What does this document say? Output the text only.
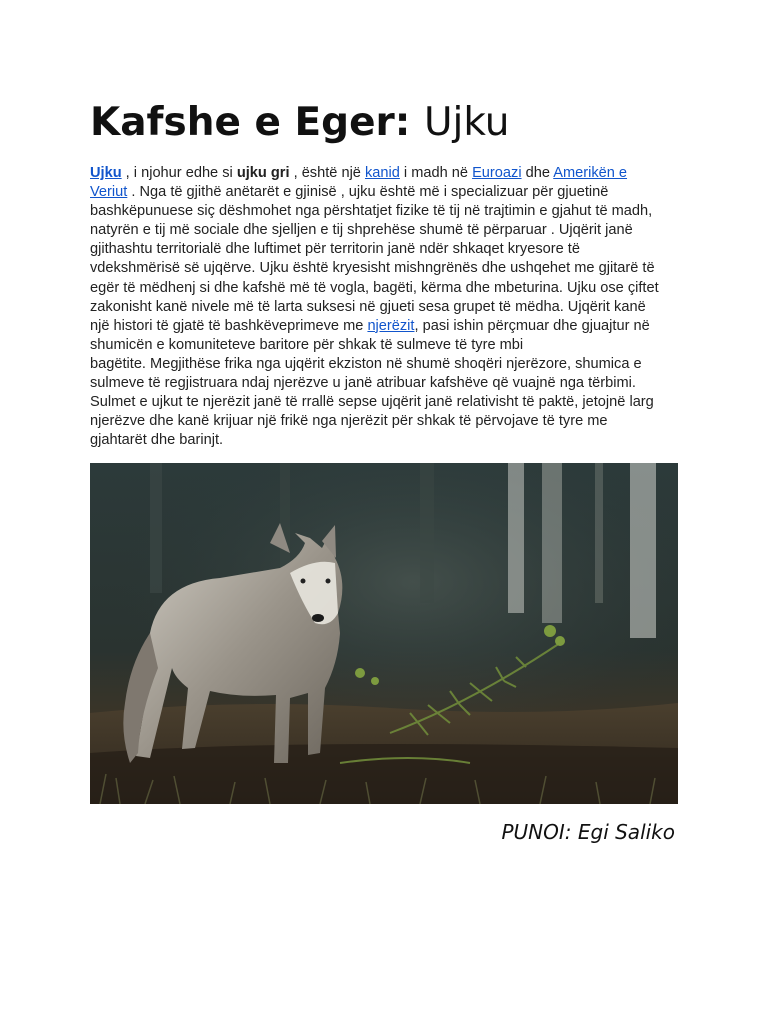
Kafshe e Eger: Ujku
Ujku , i njohur edhe si ujku gri , është një kanid i madh në Euroazi dhe Amerikën e
Veriut . Nga të gjithë anëtarët e gjinisë , ujku është më i specializuar për gjuetinë
bashkëpunuese siç dëshmohet nga përshtatjet fizike të tij në trajtimin e gjahut të madh,
natyrën e tij më sociale dhe sjelljen e tij shprehëse shumë të përparuar . Ujqërit janë
gjithashtu territorialë dhe luftimet për territorin janë ndër shkaqet kryesore të
vdekshmërisë së ujqërve. Ujku është kryesisht mishngrënës dhe ushqehet me gjitarë të
egër të mëdhenj si dhe kafshë më të vogla, bagëti, kërma dhe mbeturina. Ujku ose çiftet
zakonisht kanë nivele më të larta suksesi në gjueti sesa grupet të mëdha. Ujqërit kanë
një histori të gjatë të bashkëveprimeve me njerëzit, pasi ishin përçmuar dhe gjuajtur në
shumicën e komuniteteve baritore për shkak të sulmeve të tyre mbi
bagëtite. Megjithëse frika nga ujqërit ekziston në shumë shoqëri njerëzore, shumica e
sulmeve të regjistruara ndaj njerëzve u janë atribuar kafshëve që vuajnë nga tërbimi.
Sulmet e ujkut te njerëzit janë të rrallë sepse ujqërit janë relativisht të paktë, jetojnë larg
njerëzve dhe kanë krijuar një frikë nga njerëzit për shkak të përvojave të tyre me
gjahtarët dhe barinjt.
PUNOI: Egi Saliko
